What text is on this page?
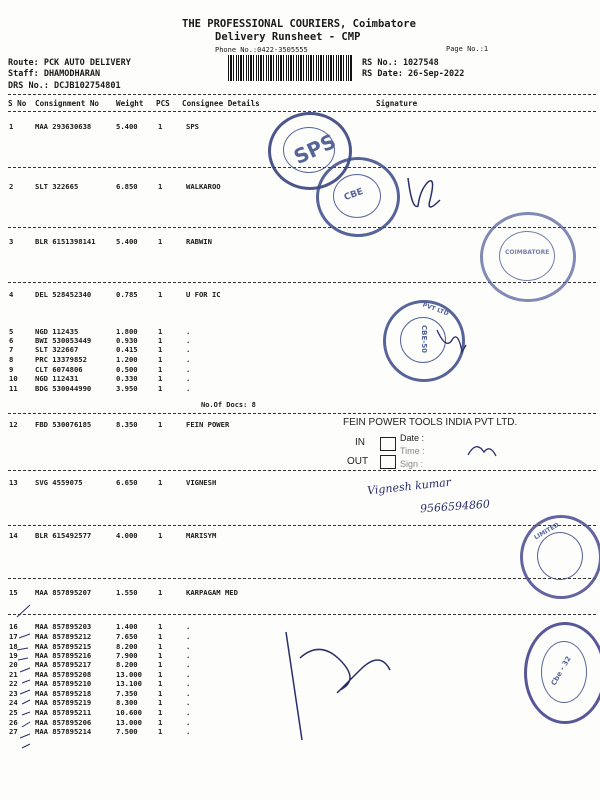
THE PROFESSIONAL COURIERS, Coimbatore
Delivery Runsheet - CMP
Phone No.:0422-3505555	Page No.:1
Route: PCK AUTO DELIVERY
Staff: DHAMODHARAN
DRS No.: DCJB102754801
RS No.: 1027548
RS Date: 26-Sep-2022
S No Consignment No Weight PCS Consignee Details	Signature
1	MAA 293630638	5.400	1	SPS
2	SLT 322665	6.850	1	WALKAROO
3	BLR 6151398141	5.400	1	RABWIN
4	DEL 528452340	0.785	1	U FOR IC
5	NGD 112435	1.800	1	.
6	BWI 530053449	0.930	1	.
7	SLT 322667	0.415	1	.
8	PRC 13379852	1.200	1	.
9	CLT 6074806	0.500	1	.
10 NGD 112431	0.330	1	.
11 BDG 530044990	3.950	1	.
12 FBD 530076185	8.350	1	FEIN POWER
13 SVG 4559075	6.650	1	VIGNESH
14 BLR 615492577	4.000	1	MARISYM
15 MAA 857895207	1.550	1	KARPAGAM MED
16 MAA 857895203	1.400	1	.
17 MAA 857895212	7.650	1	.
18 MAA 857895215	8.200	1	.
19 MAA 857895216	7.900	1	.
20 MAA 857895217	8.200	1	.
21 MAA 857895208	13.000 1	.
22 MAA 857895210	13.100 1	.
23 MAA 857895218	7.350	1	.
24 MAA 857895219	8.300	1	.
25 MAA 857895211	10.600 1	.
26 MAA 857895206	13.000 1	.
27 MAA 857895214	7.500	1	.
No.Of Docs: 8
SPS
CBE
COIMBATORE
PVT LTD
CBE-50
LIMITED
Cbe - 32
FEIN POWER TOOLS INDIA PVT LTD.
IN
OUT
Date :
Time :
Sign :
Vignesh kumar
9566594860
